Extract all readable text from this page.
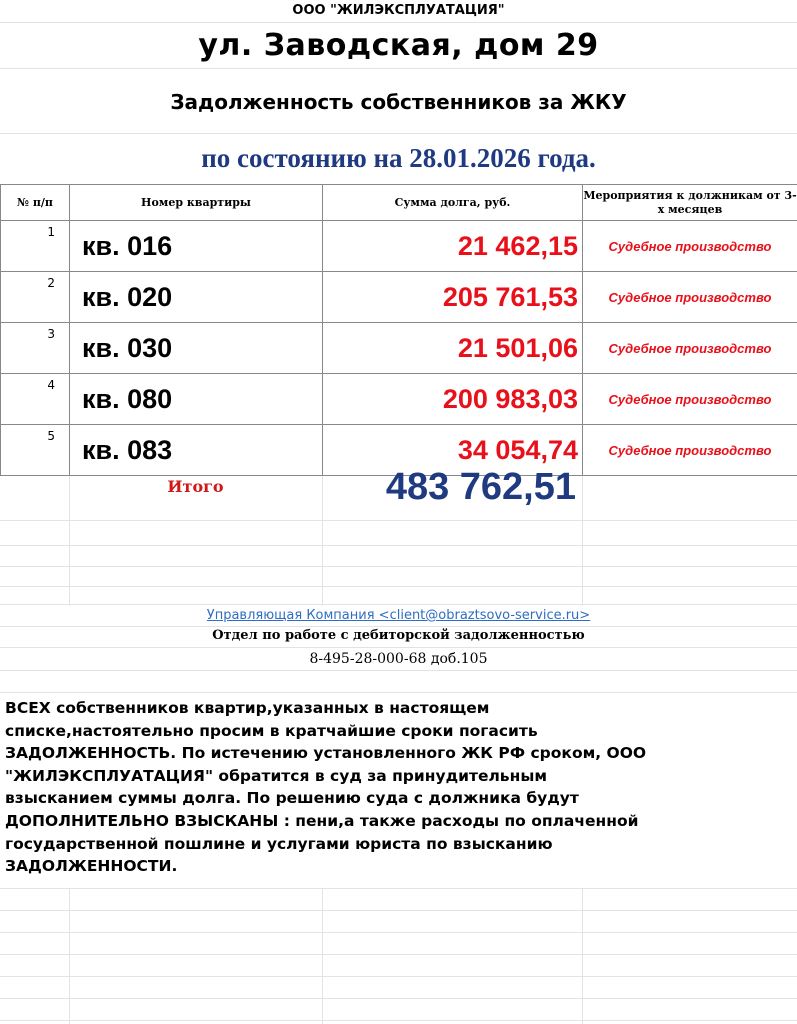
ООО "ЖИЛЭКСПЛУАТАЦИЯ"
ул. Заводская, дом 29
Задолженность собственников за ЖКУ
по состоянию на 28.01.2026 года.
№ п/п	Номер квартиры	Сумма долга, руб.	Мероприятия к должникам от 3-х месяцев
1	кв. 016	21 462,15	Судебное производство
2	кв. 020	205 761,53	Судебное производство
3	кв. 030	21 501,06	Судебное производство
4	кв. 080	200 983,03	Судебное производство
5	кв. 083	34 054,74	Судебное производство
Итого	483 762,51
Управляющая Компания <client@obraztsovo-service.ru>
Отдел по работе с дебиторской задолженностью
8-495-28-000-68 доб.105
ВСЕХ собственников квартир,указанных в настоящем
списке,настоятельно просим в кратчайшие сроки погасить
ЗАДОЛЖЕННОСТЬ. По истечению установленного ЖК РФ сроком, ООО
"ЖИЛЭКСПЛУАТАЦИЯ" обратится в суд за принудительным
взысканием суммы долга. По решению суда с должника будут
ДОПОЛНИТЕЛЬНО ВЗЫСКАНЫ : пени,а также расходы по оплаченной
государственной пошлине и услугами юриста по взысканию
ЗАДОЛЖЕННОСТИ.
